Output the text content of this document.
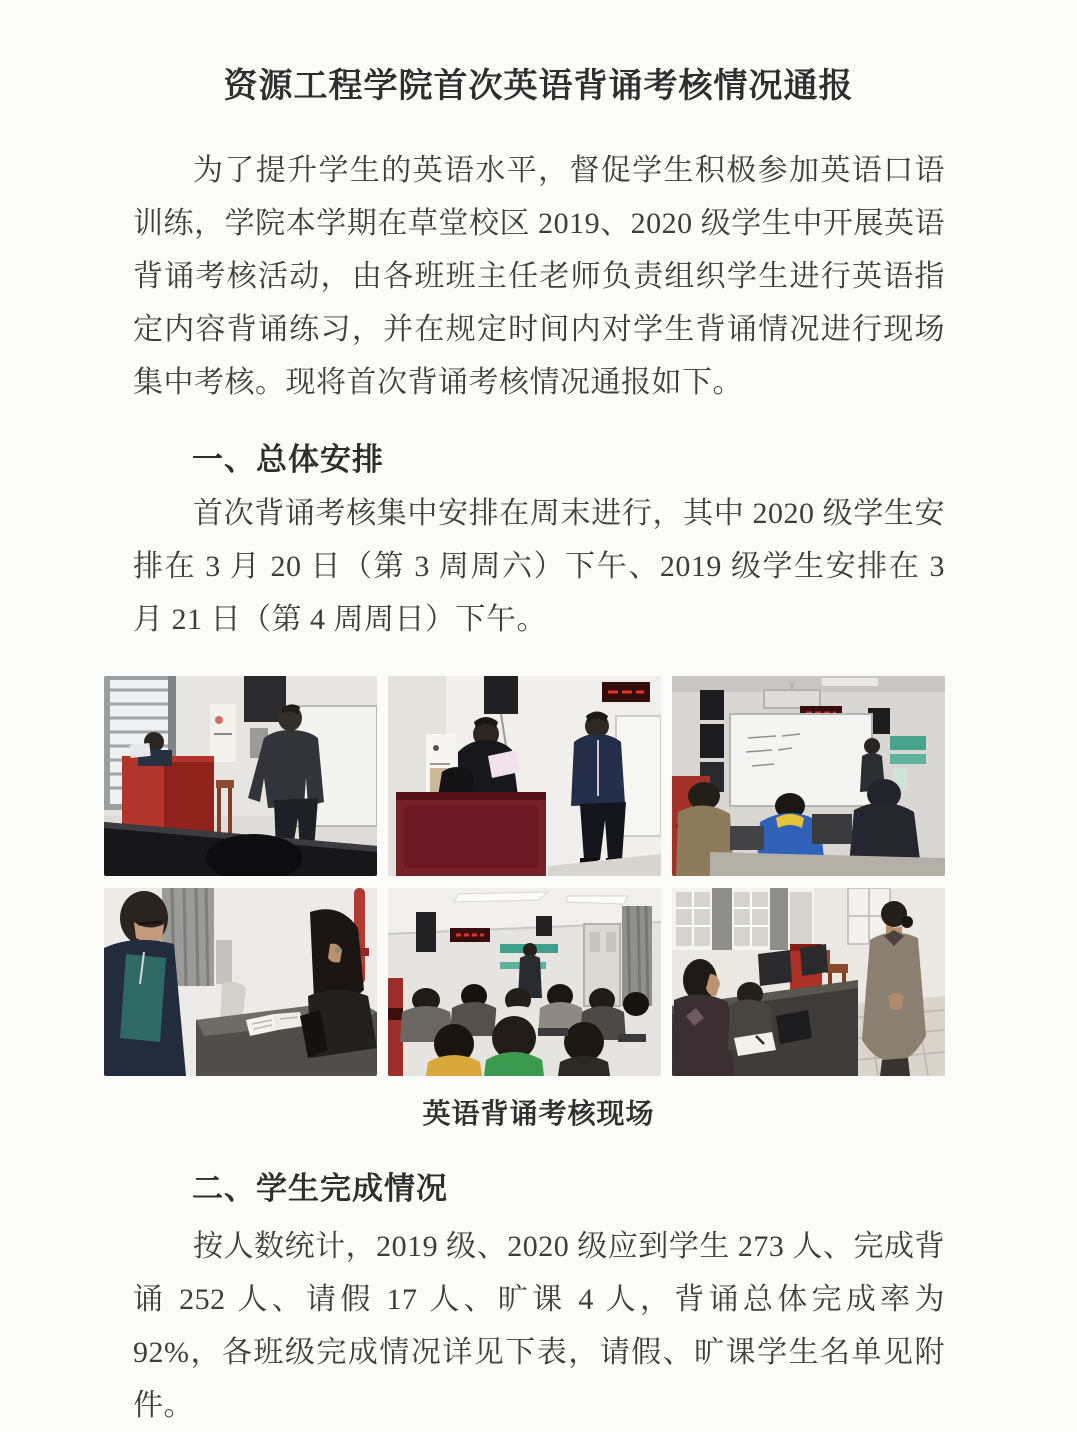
资源工程学院首次英语背诵考核情况通报

为了提升学生的英语水平，督促学生积极参加英语口语训练，学院本学期在草堂校区 2019、2020 级学生中开展英语背诵考核活动，由各班班主任老师负责组织学生进行英语指定内容背诵练习，并在规定时间内对学生背诵情况进行现场集中考核。现将首次背诵考核情况通报如下。

一、总体安排

首次背诵考核集中安排在周末进行，其中 2020 级学生安排在 3 月 20 日（第 3 周周六）下午、2019 级学生安排在 3 月 21 日（第 4 周周日）下午。

英语背诵考核现场
二、学生完成情况

按人数统计，2019 级、2020 级应到学生 273 人、完成背诵 252 人、请假 17 人、旷课 4 人，背诵总体完成率为 92%，各班级完成情况详见下表，请假、旷课学生名单见附件。
